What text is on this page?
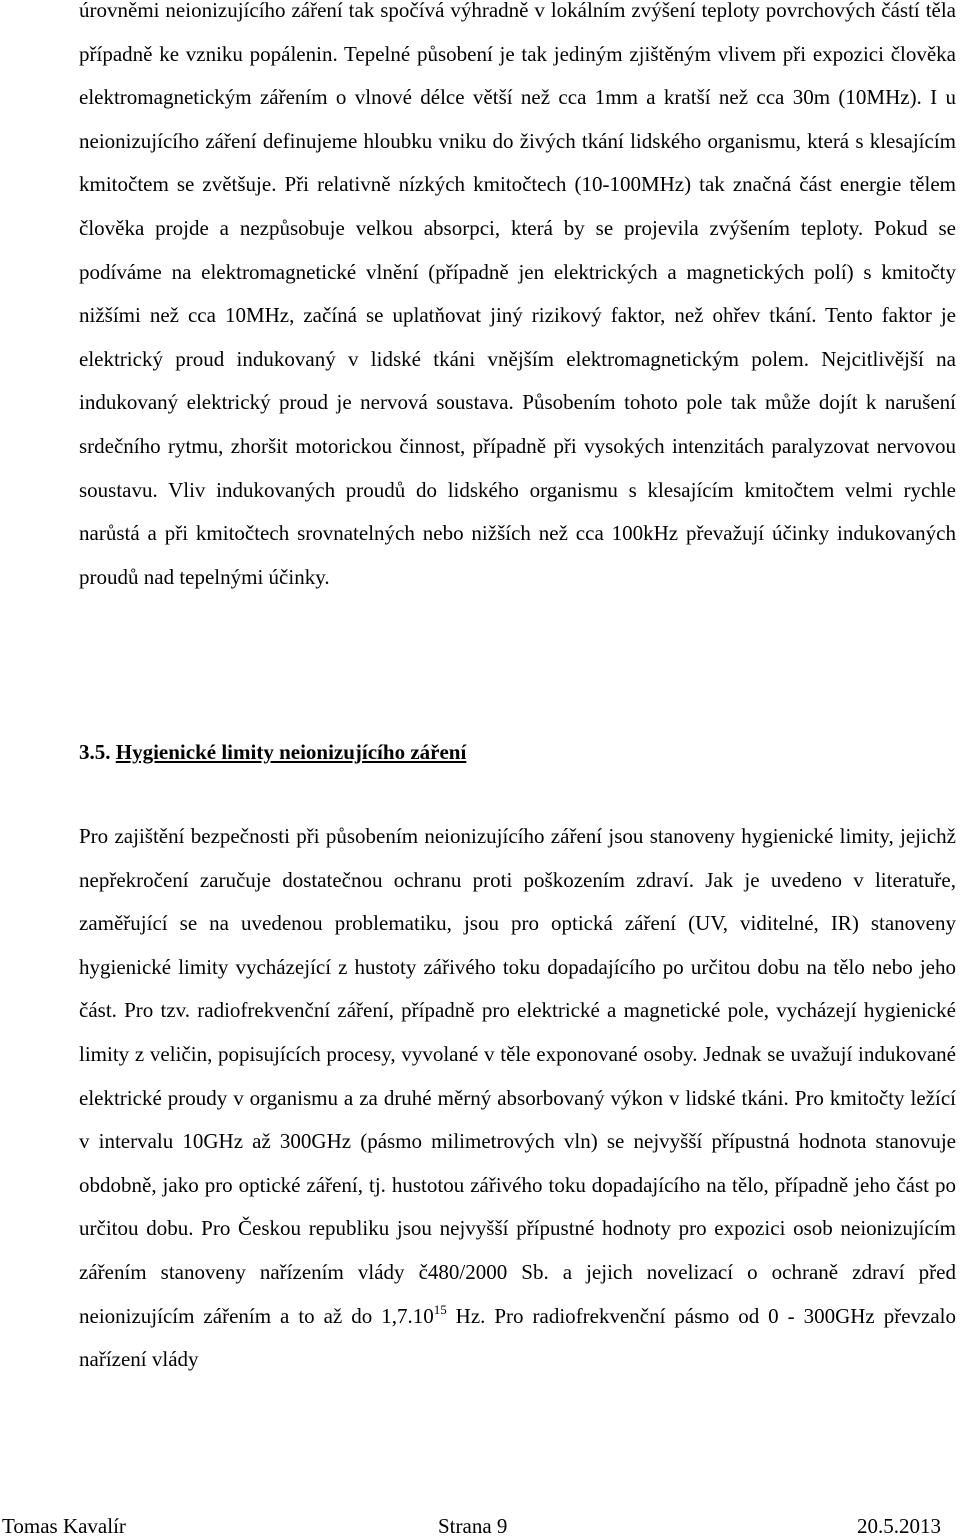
úrovněmi neionizujícího záření tak spočívá výhradně v lokálním zvýšení teploty povrchových částí těla případně ke vzniku popálenin. Tepelné působení je tak jediným zjištěným vlivem při expozici člověka elektromagnetickým zářením o vlnové délce větší než cca 1mm a kratší než cca 30m (10MHz). I u neionizujícího záření definujeme hloubku vniku do živých tkání lidského organismu, která s klesajícím kmitočtem se zvětšuje. Při relativně nízkých kmitočtech (10-100MHz) tak značná část energie tělem člověka projde a nezpůsobuje velkou absorpci, která by se projevila zvýšením teploty. Pokud se podíváme na elektromagnetické vlnění (případně jen elektrických a magnetických polí) s kmitočty nižšími než cca 10MHz, začíná se uplatňovat jiný rizikový faktor, než ohřev tkání. Tento faktor je elektrický proud indukovaný v lidské tkáni vnějším elektromagnetickým polem. Nejcitlivější na indukovaný elektrický proud je nervová soustava. Působením tohoto pole tak může dojít k narušení srdečního rytmu, zhoršit motorickou činnost, případně při vysokých intenzitách paralyzovat nervovou soustavu. Vliv indukovaných proudů do lidského organismu s klesajícím kmitočtem velmi rychle narůstá a při kmitočtech srovnatelných nebo nižších než cca 100kHz převažují účinky indukovaných proudů nad tepelnými účinky.

3.5. Hygienické limity neionizujícího záření

Pro zajištění bezpečnosti při působením neionizujícího záření jsou stanoveny hygienické limity, jejichž nepřekročení zaručuje dostatečnou ochranu proti poškozením zdraví. Jak je uvedeno v literatuře, zaměřující se na uvedenou problematiku, jsou pro optická záření (UV, viditelné, IR) stanoveny hygienické limity vycházející z hustoty zářivého toku dopadajícího po určitou dobu na tělo nebo jeho část. Pro tzv. radiofrekvenční záření, případně pro elektrické a magnetické pole, vycházejí hygienické limity z veličin, popisujících procesy, vyvolané v těle exponované osoby. Jednak se uvažují indukované elektrické proudy v organismu a za druhé měrný absorbovaný výkon v lidské tkáni. Pro kmitočty ležící v intervalu 10GHz až 300GHz (pásmo milimetrových vln) se nejvyšší přípustná hodnota stanovuje obdobně, jako pro optické záření, tj. hustotou zářivého toku dopadajícího na tělo, případně jeho část po určitou dobu. Pro Českou republiku jsou nejvyšší přípustné hodnoty pro expozici osob neionizujícím zářením stanoveny nařízením vlády č480/2000 Sb. a jejich novelizací o ochraně zdraví před neionizujícím zářením a to až do 1,7.10$^{15}$ Hz. Pro radiofrekvenční pásmo od 0 - 300GHz převzalo nařízení vlády

Tomas Kavalír	Strana 9	20.5.2013
